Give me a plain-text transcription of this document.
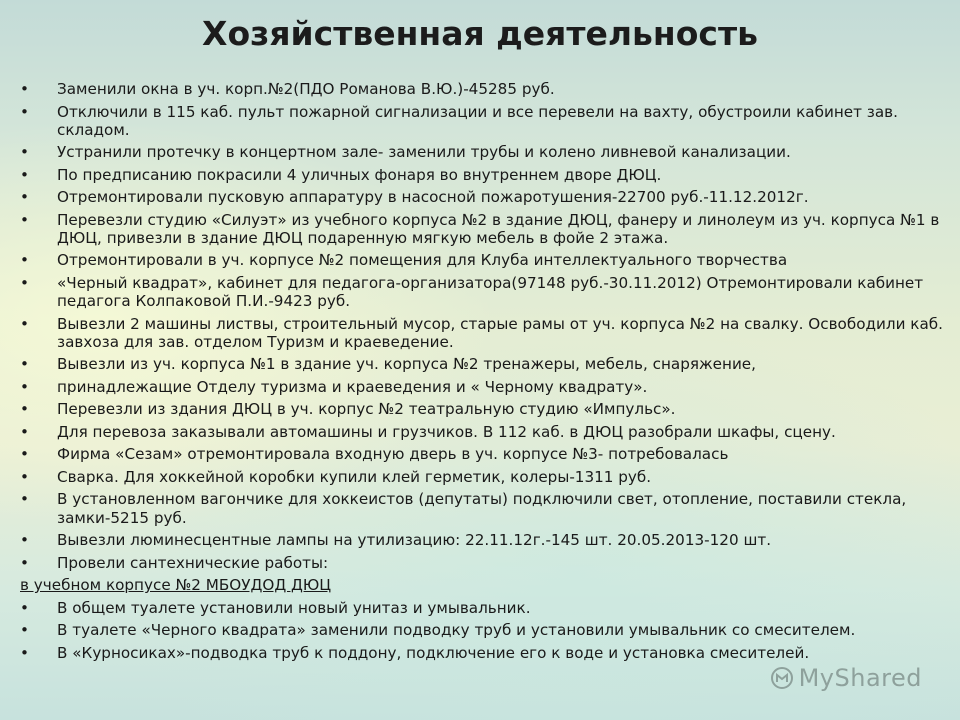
Хозяйственная деятельность
• Заменили окна в уч. корп.№2(ПДО Романова В.Ю.)-45285 руб.
• Отключили в 115 каб. пульт пожарной сигнализации и все перевели на вахту, обустроили кабинет зав. складом.
• Устранили протечку в концертном зале- заменили трубы и колено ливневой канализации.
• По предписанию покрасили 4 уличных фонаря во внутреннем дворе ДЮЦ.
• Отремонтировали пусковую аппаратуру в насосной пожаротушения-22700 руб.-11.12.2012г.
• Перевезли студию «Силуэт» из учебного корпуса №2 в здание ДЮЦ, фанеру и линолеум из уч. корпуса №1 в ДЮЦ, привезли в здание ДЮЦ подаренную мягкую мебель в фойе 2 этажа.
• Отремонтировали в уч. корпусе №2 помещения для Клуба интеллектуального творчества
• «Черный квадрат», кабинет для педагога-организатора(97148 руб.-30.11.2012) Отремонтировали кабинет педагога Колпаковой П.И.-9423 руб.
• Вывезли 2 машины листвы, строительный мусор, старые рамы от уч. корпуса №2 на свалку. Освободили каб. завхоза для зав. отделом Туризм и краеведение.
• Вывезли из уч. корпуса №1 в здание уч. корпуса №2 тренажеры, мебель, снаряжение,
• принадлежащие Отделу туризма и краеведения и « Черному квадрату».
• Перевезли из здания ДЮЦ в уч. корпус №2 театральную студию «Импульс».
• Для перевоза заказывали автомашины и грузчиков. В 112 каб. в ДЮЦ разобрали шкафы, сцену.
• Фирма «Сезам» отремонтировала входную дверь в уч. корпусе №3- потребовалась
• Сварка. Для хоккейной коробки купили клей герметик, колеры-1311 руб.
• В установленном вагончике для хоккеистов (депутаты) подключили свет, отопление, поставили стекла, замки-5215 руб.
• Вывезли люминесцентные лампы на утилизацию: 22.11.12г.-145 шт. 20.05.2013-120 шт.
• Провели сантехнические работы:
в учебном корпусе №2 МБОУДОД ДЮЦ
• В общем туалете установили новый унитаз и умывальник.
• В туалете «Черного квадрата» заменили подводку труб и установили умывальник со смесителем.
• В «Курносиках»-подводка труб к поддону, подключение его к воде и установка смесителей.
MyShared
